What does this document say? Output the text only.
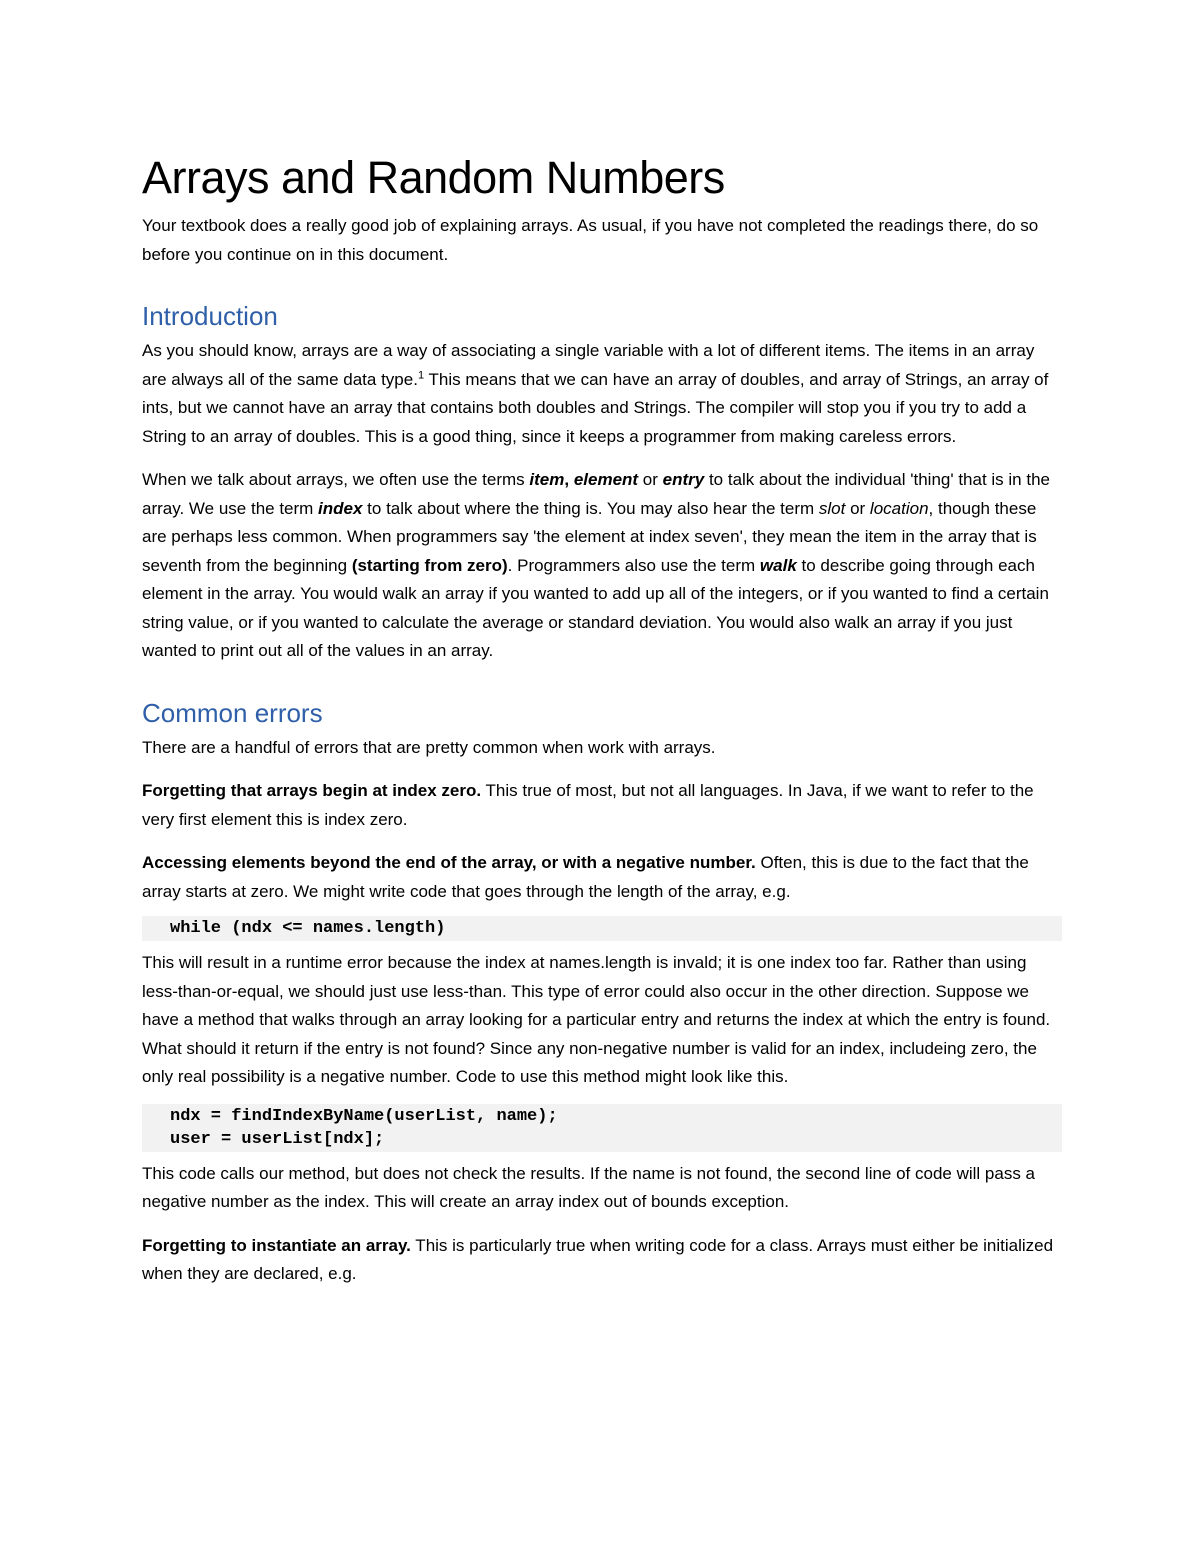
Arrays and Random Numbers

Your textbook does a really good job of explaining arrays. As usual, if you have not completed the readings there, do so before you continue on in this document.

Introduction

As you should know, arrays are a way of associating a single variable with a lot of different items. The items in an array are always all of the same data type.$^1$ This means that we can have an array of doubles, and array of Strings, an array of ints, but we cannot have an array that contains both doubles and Strings. The compiler will stop you if you try to add a String to an array of doubles. This is a good thing, since it keeps a programmer from making careless errors.

When we talk about arrays, we often use the terms item, element or entry to talk about the individual 'thing' that is in the array. We use the term index to talk about where the thing is. You may also hear the term slot or location, though these are perhaps less common. When programmers say 'the element at index seven', they mean the item in the array that is seventh from the beginning (starting from zero). Programmers also use the term walk to describe going through each element in the array. You would walk an array if you wanted to add up all of the integers, or if you wanted to find a certain string value, or if you wanted to calculate the average or standard deviation. You would also walk an array if you just wanted to print out all of the values in an array.

Common errors

There are a handful of errors that are pretty common when work with arrays.

Forgetting that arrays begin at index zero. This true of most, but not all languages. In Java, if we want to refer to the very first element this is index zero.

Accessing elements beyond the end of the array, or with a negative number. Often, this is due to the fact that the array starts at zero. We might write code that goes through the length of the array, e.g.

while (ndx <= names.length)

This will result in a runtime error because the index at names.length is invald; it is one index too far. Rather than using less-than-or-equal, we should just use less-than. This type of error could also occur in the other direction. Suppose we have a method that walks through an array looking for a particular entry and returns the index at which the entry is found. What should it return if the entry is not found? Since any non-negative number is valid for an index, includeing zero, the only real possibility is a negative number. Code to use this method might look like this.

ndx = findIndexByName(userList, name);
user = userList[ndx];

This code calls our method, but does not check the results. If the name is not found, the second line of code will pass a negative number as the index. This will create an array index out of bounds exception.

Forgetting to instantiate an array. This is particularly true when writing code for a class. Arrays must either be initialized when they are declared, e.g.
